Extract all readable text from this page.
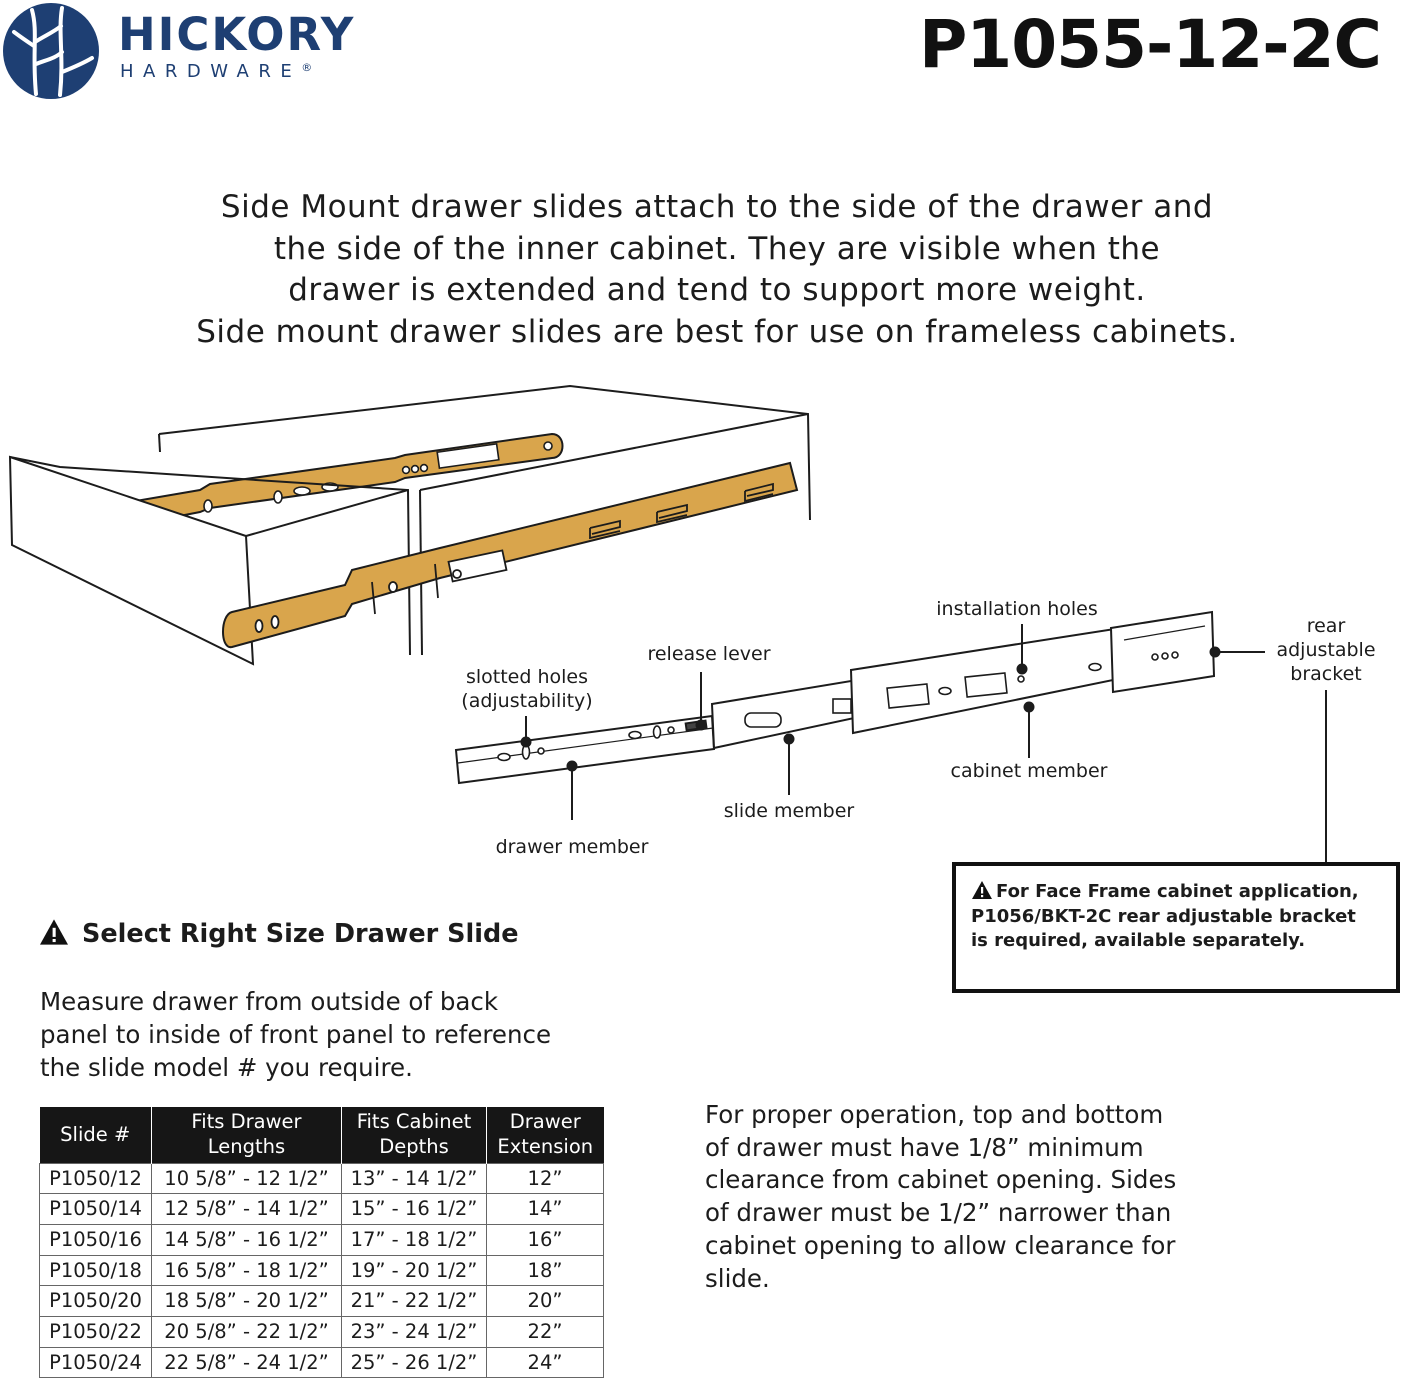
HICKORY
HARDWARE®	P1055-12-2C
Side Mount drawer slides attach to the side of the drawer and
the side of the inner cabinet. They are visible when the
drawer is extended and tend to support more weight.
Side mount drawer slides are best for use on frameless cabinets.
slotted holes
(adjustability)
release lever
installation holes
rear
adjustable
bracket
cabinet member
slide member
drawer member
For Face Frame cabinet application,
P1056/BKT-2C rear adjustable bracket
is required, available separately.
Select Right Size Drawer Slide
Measure drawer from outside of back
panel to inside of front panel to reference
the slide model # you require.
Slide #	Fits Drawer Lengths	Fits Cabinet Depths	Drawer Extension
P1050/12	10 5/8” - 12 1/2”	13” - 14 1/2”	12”
P1050/14	12 5/8” - 14 1/2”	15” - 16 1/2”	14”
P1050/16	14 5/8” - 16 1/2”	17” - 18 1/2”	16”
P1050/18	16 5/8” - 18 1/2”	19” - 20 1/2”	18”
P1050/20	18 5/8” - 20 1/2”	21” - 22 1/2”	20”
P1050/22	20 5/8” - 22 1/2”	23” - 24 1/2”	22”
P1050/24	22 5/8” - 24 1/2”	25” - 26 1/2”	24”
For proper operation, top and bottom
of drawer must have 1/8” minimum
clearance from cabinet opening. Sides
of drawer must be 1/2” narrower than
cabinet opening to allow clearance for
slide.
